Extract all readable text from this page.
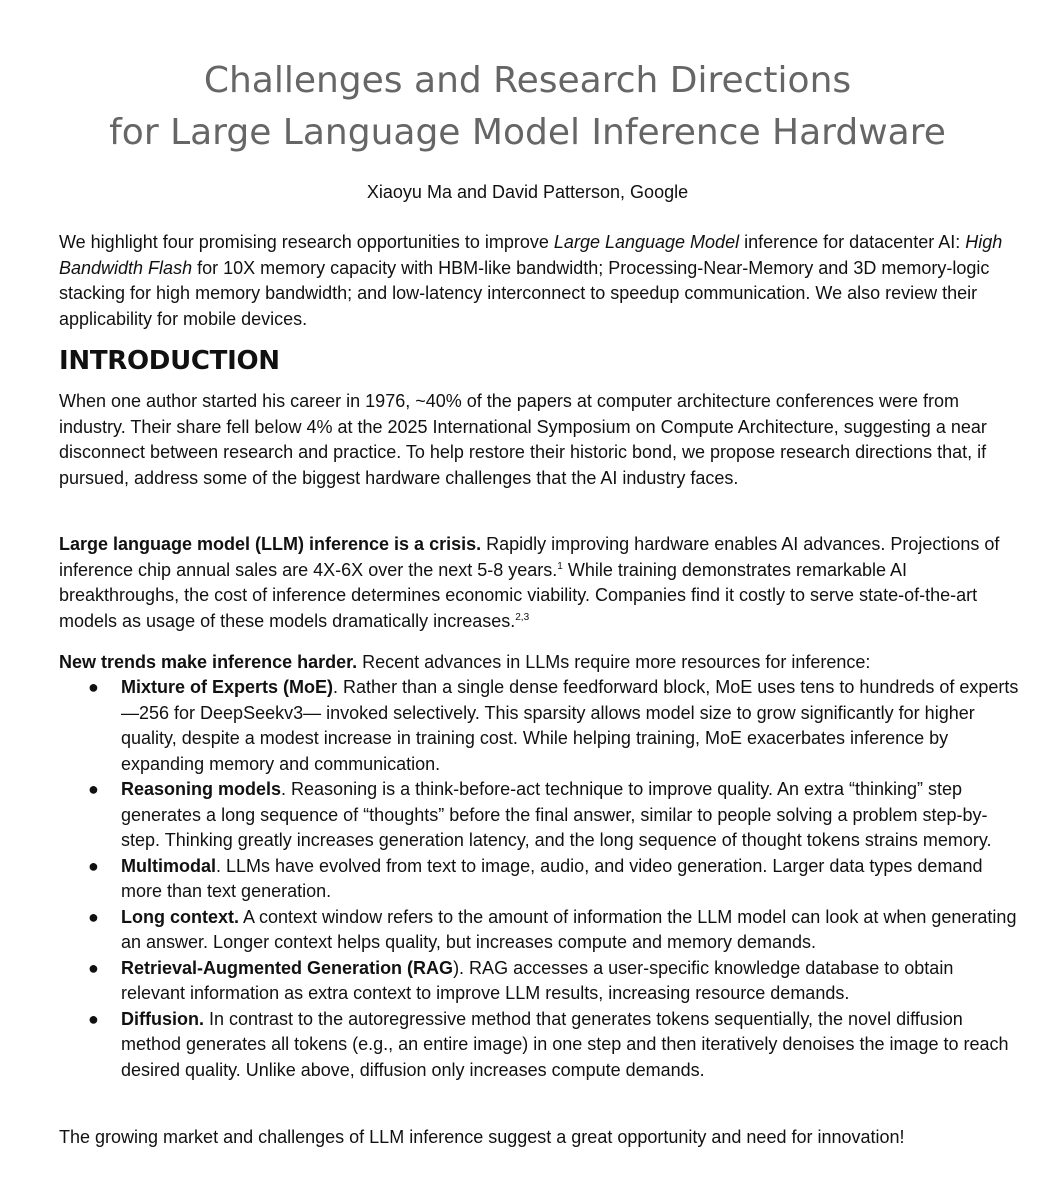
Challenges and Research Directions
for Large Language Model Inference Hardware
Xiaoyu Ma and David Patterson, Google

We highlight four promising research opportunities to improve Large Language Model inference for datacenter AI: High Bandwidth Flash for 10X memory capacity with HBM-like bandwidth; Processing-Near-Memory and 3D memory-logic stacking for high memory bandwidth; and low-latency interconnect to speedup communication. We also review their applicability for mobile devices.

INTRODUCTION

When one author started his career in 1976, ~40% of the papers at computer architecture conferences were from industry. Their share fell below 4% at the 2025 International Symposium on Compute Architecture, suggesting a near disconnect between research and practice. To help restore their historic bond, we propose research directions that, if pursued, address some of the biggest hardware challenges that the AI industry faces.

Large language model (LLM) inference is a crisis. Rapidly improving hardware enables AI advances. Projections of inference chip annual sales are 4X-6X over the next 5-8 years.$^1$ While training demonstrates remarkable AI breakthroughs, the cost of inference determines economic viability. Companies find it costly to serve state-of-the-art models as usage of these models dramatically increases.$^{2,3}$

New trends make inference harder. Recent advances in LLMs require more resources for inference:

● Mixture of Experts (MoE). Rather than a single dense feedforward block, MoE uses tens to hundreds of experts—256 for DeepSeekv3— invoked selectively. This sparsity allows model size to grow significantly for higher quality, despite a modest increase in training cost. While helping training, MoE exacerbates inference by expanding memory and communication.
● Reasoning models. Reasoning is a think-before-act technique to improve quality. An extra “thinking” step generates a long sequence of “thoughts” before the final answer, similar to people solving a problem step-by-step. Thinking greatly increases generation latency, and the long sequence of thought tokens strains memory.
● Multimodal. LLMs have evolved from text to image, audio, and video generation. Larger data types demand more than text generation.
● Long context. A context window refers to the amount of information the LLM model can look at when generating an answer. Longer context helps quality, but increases compute and memory demands.
● Retrieval-Augmented Generation (RAG). RAG accesses a user-specific knowledge database to obtain relevant information as extra context to improve LLM results, increasing resource demands.
● Diffusion. In contrast to the autoregressive method that generates tokens sequentially, the novel diffusion method generates all tokens (e.g., an entire image) in one step and then iteratively denoises the image to reach desired quality. Unlike above, diffusion only increases compute demands.

The growing market and challenges of LLM inference suggest a great opportunity and need for innovation!
